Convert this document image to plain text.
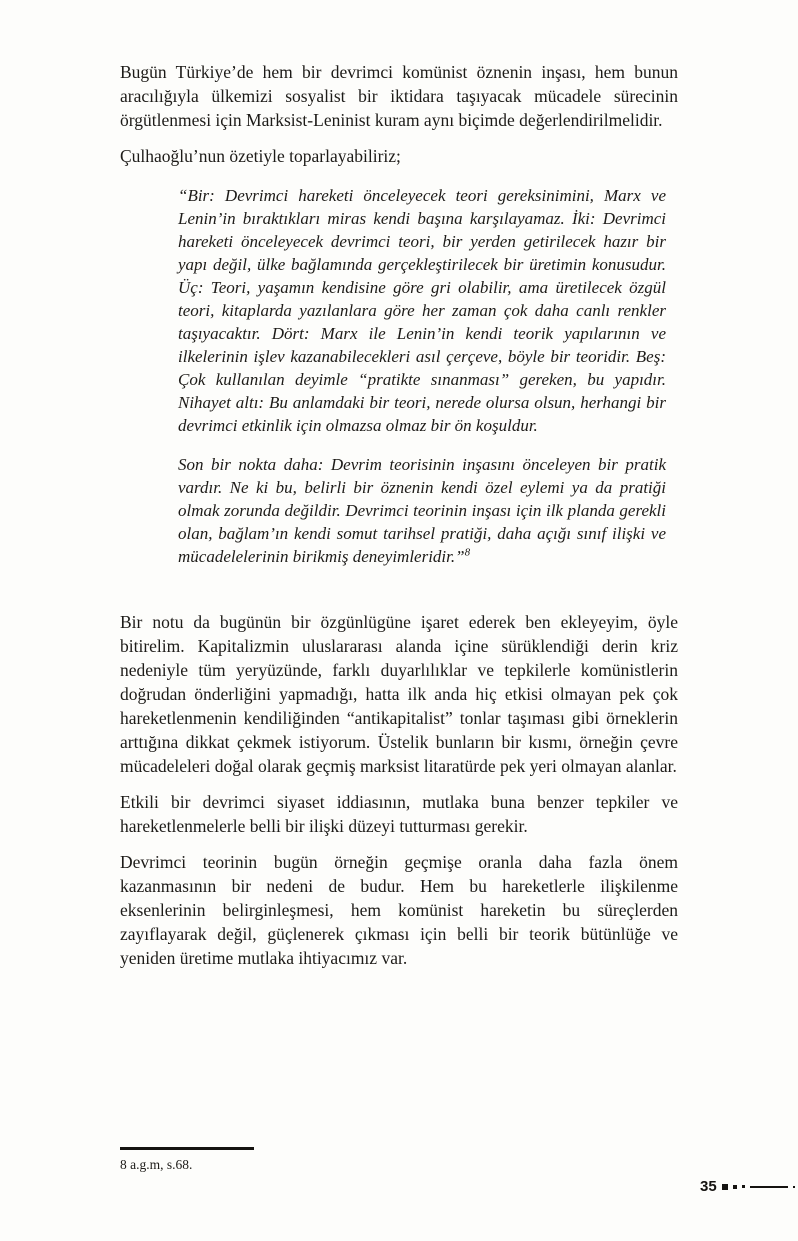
Bugün Türkiye’de hem bir devrimci komünist öznenin inşası, hem bunun aracılığıyla ülkemizi sosyalist bir iktidara taşıyacak mücadele sürecinin örgütlenmesi için Marksist-Leninist kuram aynı biçimde değerlendirilmelidir.

Çulhaoğlu’nun özetiyle toparlayabiliriz;

“Bir: Devrimci hareketi önceleyecek teori gereksinimini, Marx ve Lenin’in bıraktıkları miras kendi başına karşılayamaz. İki: Devrimci hareketi önceleyecek devrimci teori, bir yerden getirilecek hazır bir yapı değil, ülke bağlamında gerçekleştirilecek bir üretimin konusudur. Üç: Teori, yaşamın kendisine göre gri olabilir, ama üretilecek özgül teori, kitaplarda yazılanlara göre her zaman çok daha canlı renkler taşıyacaktır. Dört: Marx ile Lenin’in kendi teorik yapılarının ve ilkelerinin işlev kazanabilecekleri asıl çerçeve, böyle bir teoridir. Beş: Çok kullanılan deyimle “pratikte sınanması” gereken, bu yapıdır. Nihayet altı: Bu anlamdaki bir teori, nerede olursa olsun, herhangi bir devrimci etkinlik için olmazsa olmaz bir ön koşuldur.

Son bir nokta daha: Devrim teorisinin inşasını önceleyen bir pratik vardır. Ne ki bu, belirli bir öznenin kendi özel eylemi ya da pratiği olmak zorunda değildir. Devrimci teorinin inşası için ilk planda gerekli olan, bağlam’ın kendi somut tarihsel pratiği, daha açığı sınıf ilişki ve mücadelelerinin birikmiş deneyimleridir.”$^8$

Bir notu da bugünün bir özgünlügüne işaret ederek ben ekleyeyim, öyle bitirelim. Kapitalizmin uluslararası alanda içine sürüklendiği derin kriz nedeniyle tüm yeryüzünde, farklı duyarlılıklar ve tepkilerle komünistlerin doğrudan önderliğini yapmadığı, hatta ilk anda hiç etkisi olmayan pek çok hareketlenmenin kendiliğinden “antikapitalist” tonlar taşıması gibi örneklerin arttığına dikkat çekmek istiyorum. Üstelik bunların bir kısmı, örneğin çevre mücadeleleri doğal olarak geçmiş marksist litaratürde pek yeri olmayan alanlar.

Etkili bir devrimci siyaset iddiasının, mutlaka buna benzer tepkiler ve hareketlenmelerle belli bir ilişki düzeyi tutturması gerekir.

Devrimci teorinin bugün örneğin geçmişe oranla daha fazla önem kazanmasının bir nedeni de budur. Hem bu hareketlerle ilişkilenme eksenlerinin belirginleşmesi, hem komünist hareketin bu süreçlerden zayıflayarak değil, güçlenerek çıkması için belli bir teorik bütünlüğe ve yeniden üretime mutlaka ihtiyacımız var.

8 a.g.m, s.68.

35
